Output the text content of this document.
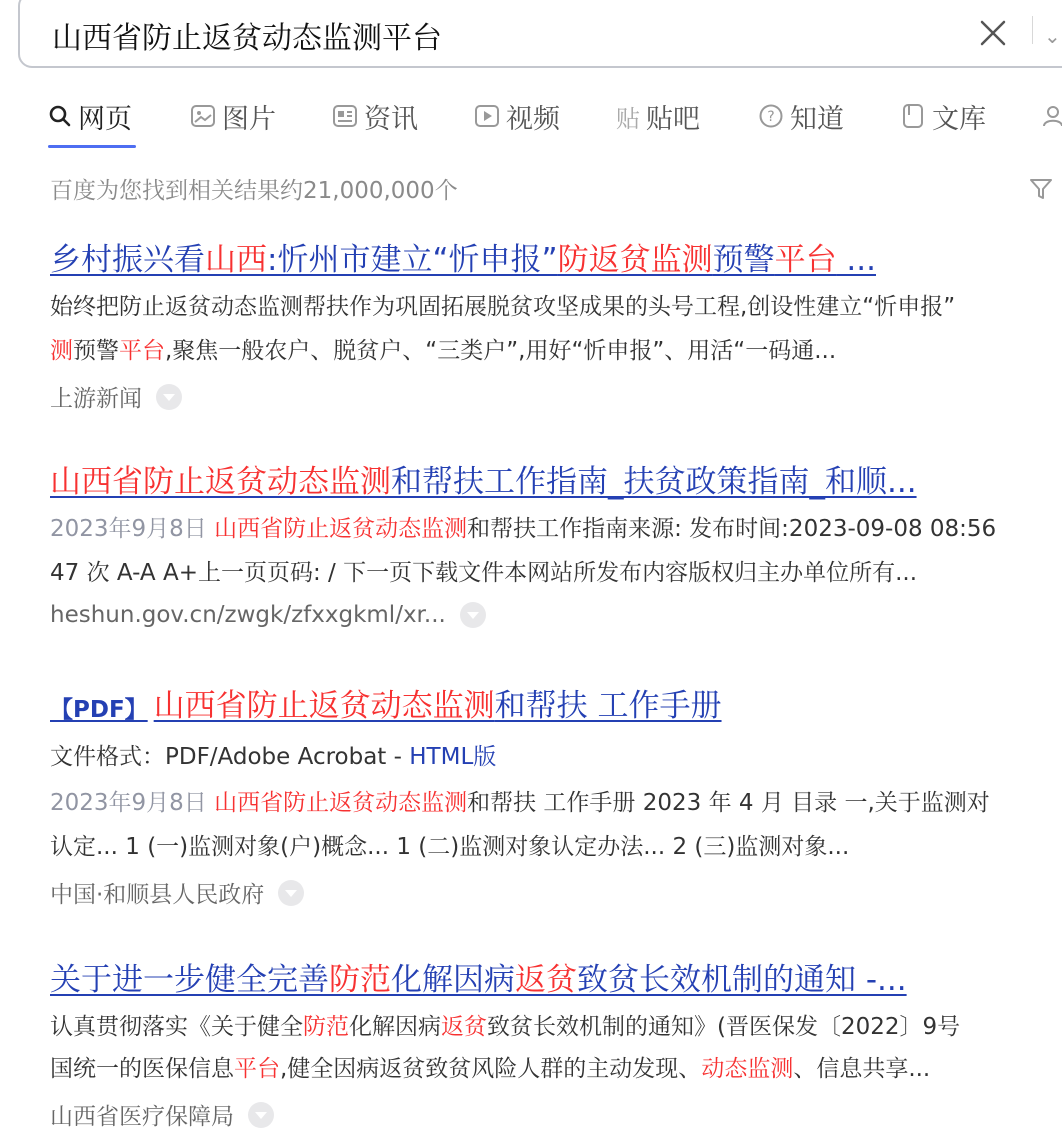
山西省防止返贫动态监测平台
⌄
网页	图片	资讯	视频 贴 贴吧	? 知道	文库
百度为您找到相关结果约21,000,000个
乡村振兴看山西:忻州市建立“忻申报”防返贫监测预警平台 ...
始终把防止返贫动态监测帮扶作为巩固拓展脱贫攻坚成果的头号工程,创设性建立“忻申报”
测预警平台,聚焦一般农户、脱贫户、“三类户”,用好“忻申报”、用活“一码通...
上游新闻
山西省防止返贫动态监测和帮扶工作指南_扶贫政策指南_和顺...
2023年9月8日 山西省防止返贫动态监测和帮扶工作指南来源: 发布时间:2023-09-08 08:56
47 次 A-A A+上一页页码: / 下一页下载文件本网站所发布内容版权归主办单位所有...
heshun.gov.cn/zwgk/zfxxgkml/xr...
【PDF】 山西省防止返贫动态监测和帮扶 工作手册
文件格式：PDF/Adobe Acrobat - HTML版
2023年9月8日 山西省防止返贫动态监测和帮扶 工作手册 2023 年 4 月 目录 一,关于监测对
认定... 1 (一)监测对象(户)概念... 1 (二)监测对象认定办法... 2 (三)监测对象...
中国·和顺县人民政府
关于进一步健全完善防范化解因病返贫致贫长效机制的通知 -...
认真贯彻落实《关于健全防范化解因病返贫致贫长效机制的通知》(晋医保发〔2022〕9号
国统一的医保信息平台,健全因病返贫致贫风险人群的主动发现、动态监测、信息共享...
山西省医疗保障局
